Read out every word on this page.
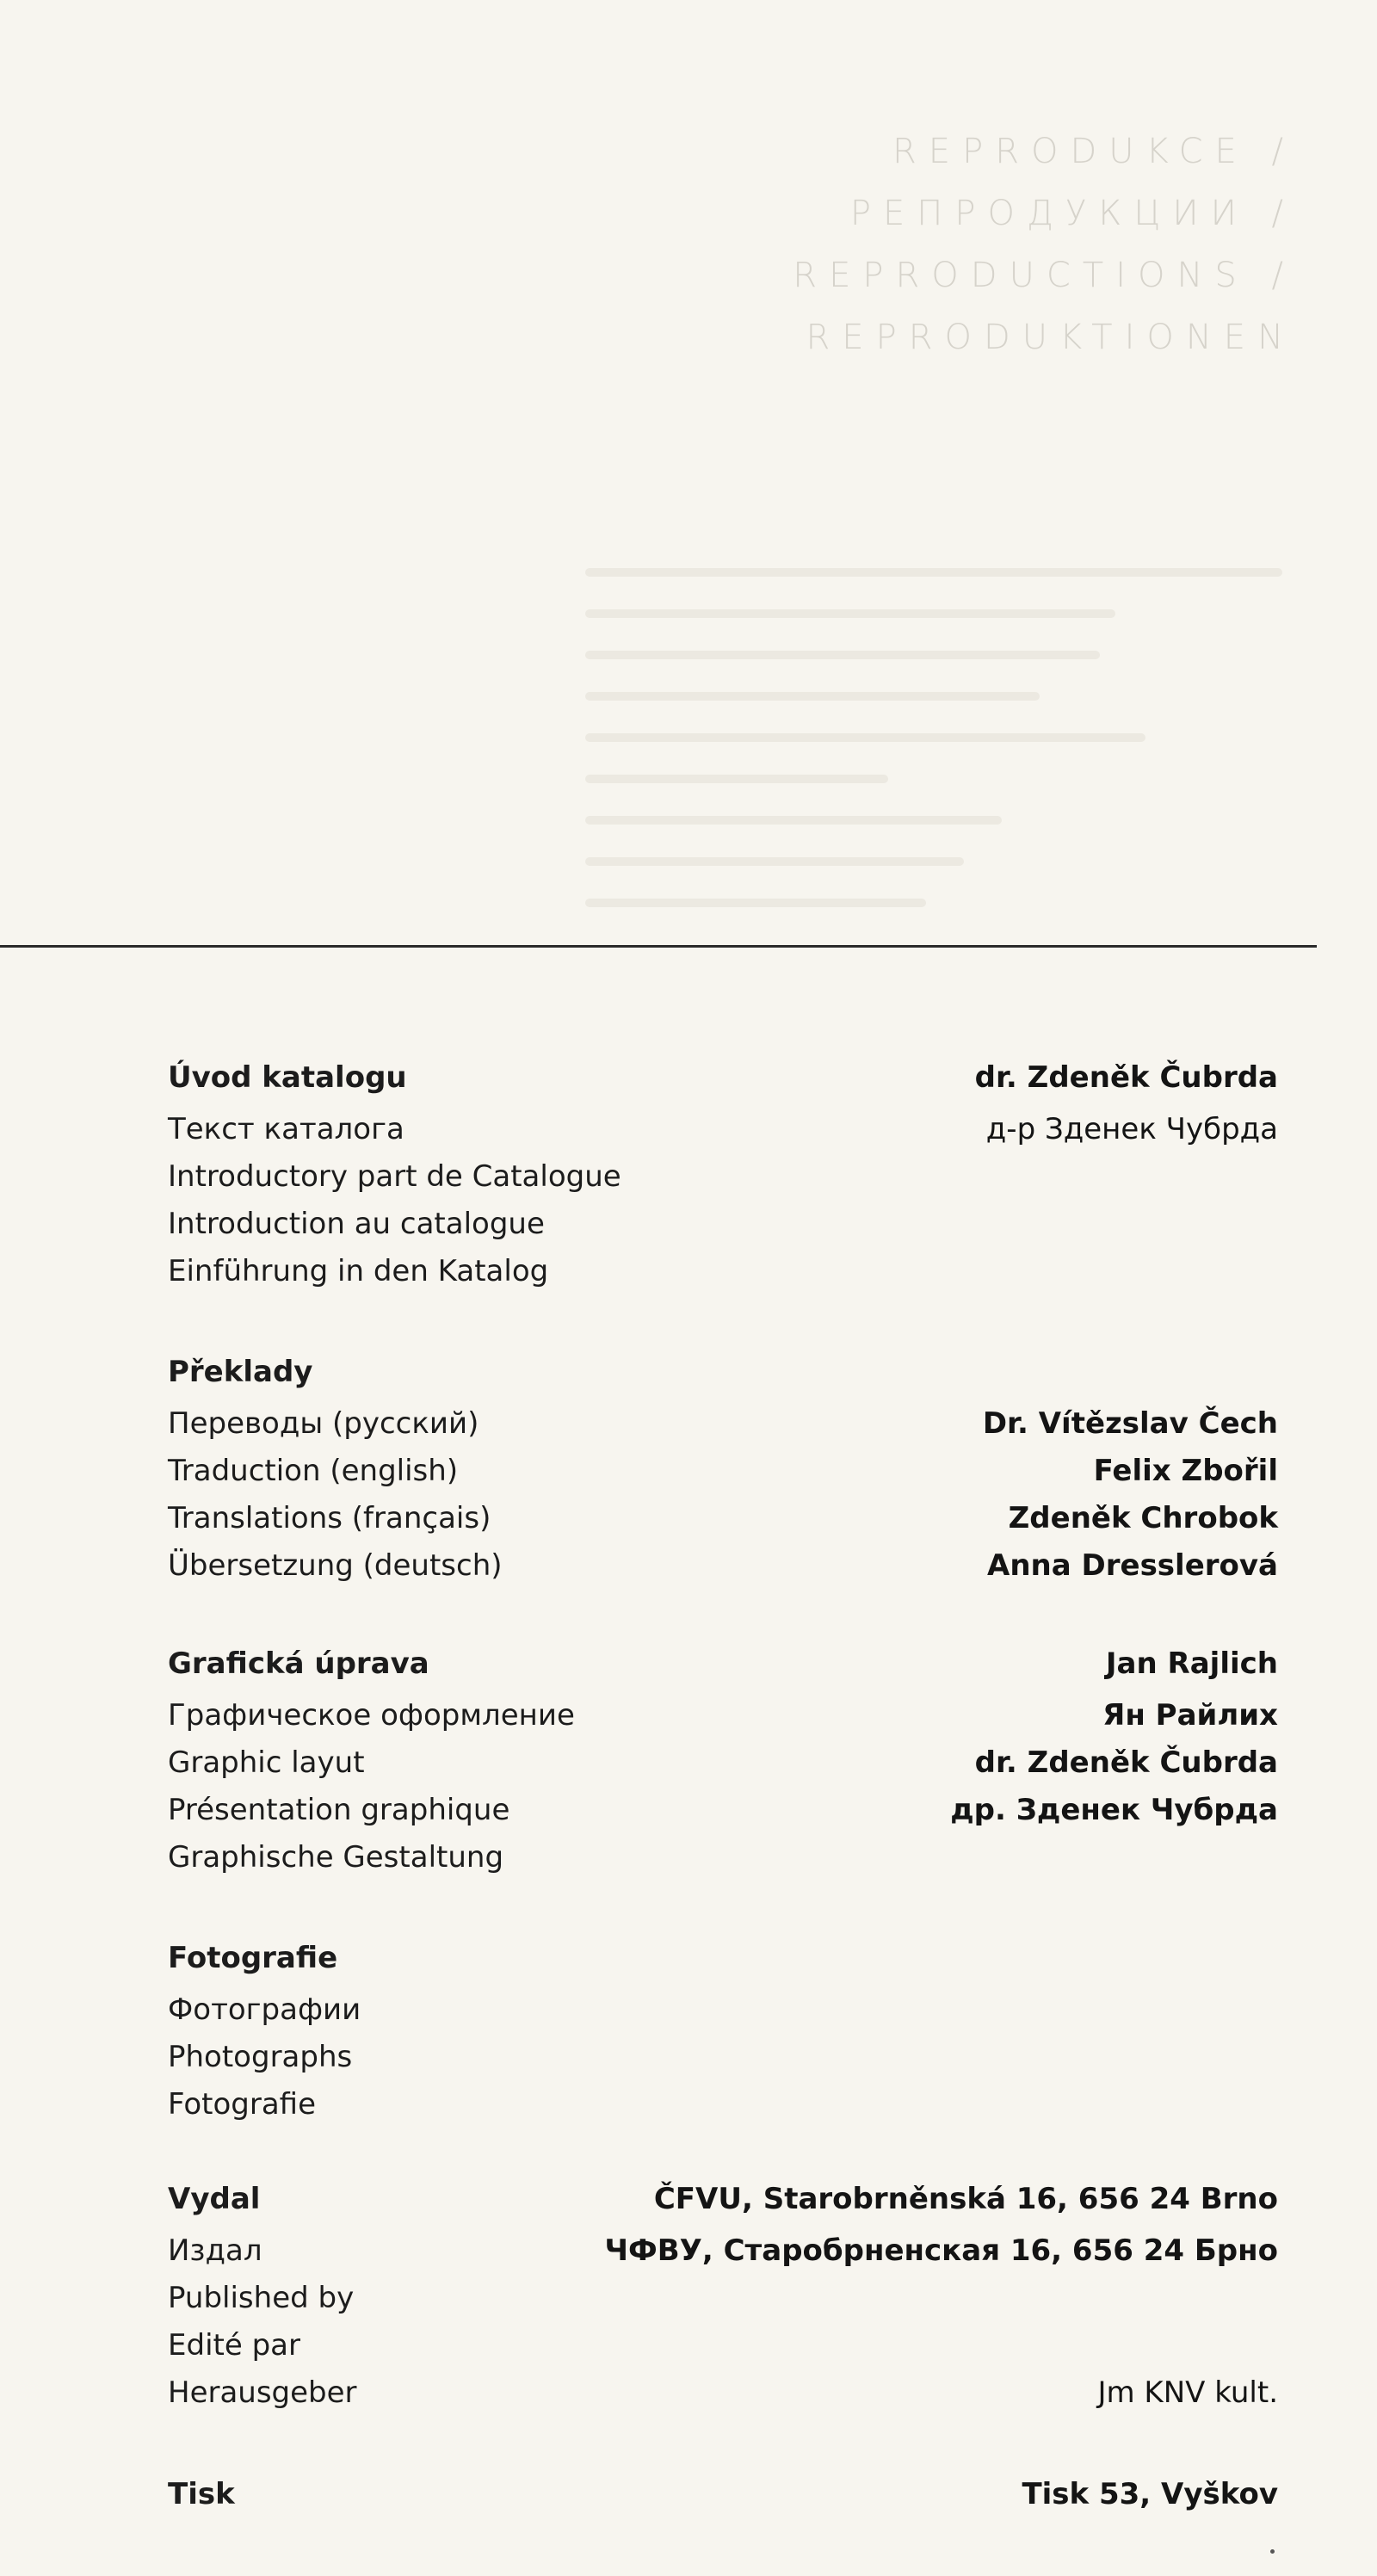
REPRODUKCE / РЕПРОДУКЦИИ /
REPRODUCTIONS /
REPRODUKTIONEN
Úvod katalogu	dr. Zdeněk Čubrda
Текст каталога	д-р Зденек Чубрда
Introductory part de Catalogue
Introduction au catalogue
Einführung in den Katalog
Překlady
Переводы (русский)	Dr. Vítězslav Čech
Traduction (english)	Felix Zbořil
Translations (français)	Zdeněk Chrobok
Übersetzung (deutsch)	Anna Dresslerová
Grafická úprava	Jan Rajlich
Графическое оформление	Ян Райлих
Graphic layut	dr. Zdeněk Čubrda
Présentation graphique	др. Зденек Чубрда
Graphische Gestaltung
Fotografie
Фотографии
Photographs
Fotografie
Vydal	ČFVU, Starobrněnská 16, 656 24 Brno
Издал	ЧФВУ, Старобрненская 16, 656 24 Брно
Published by
Edité par
Herausgeber	Jm KNV kult.
Tisk	Tisk 53, Vyškov
